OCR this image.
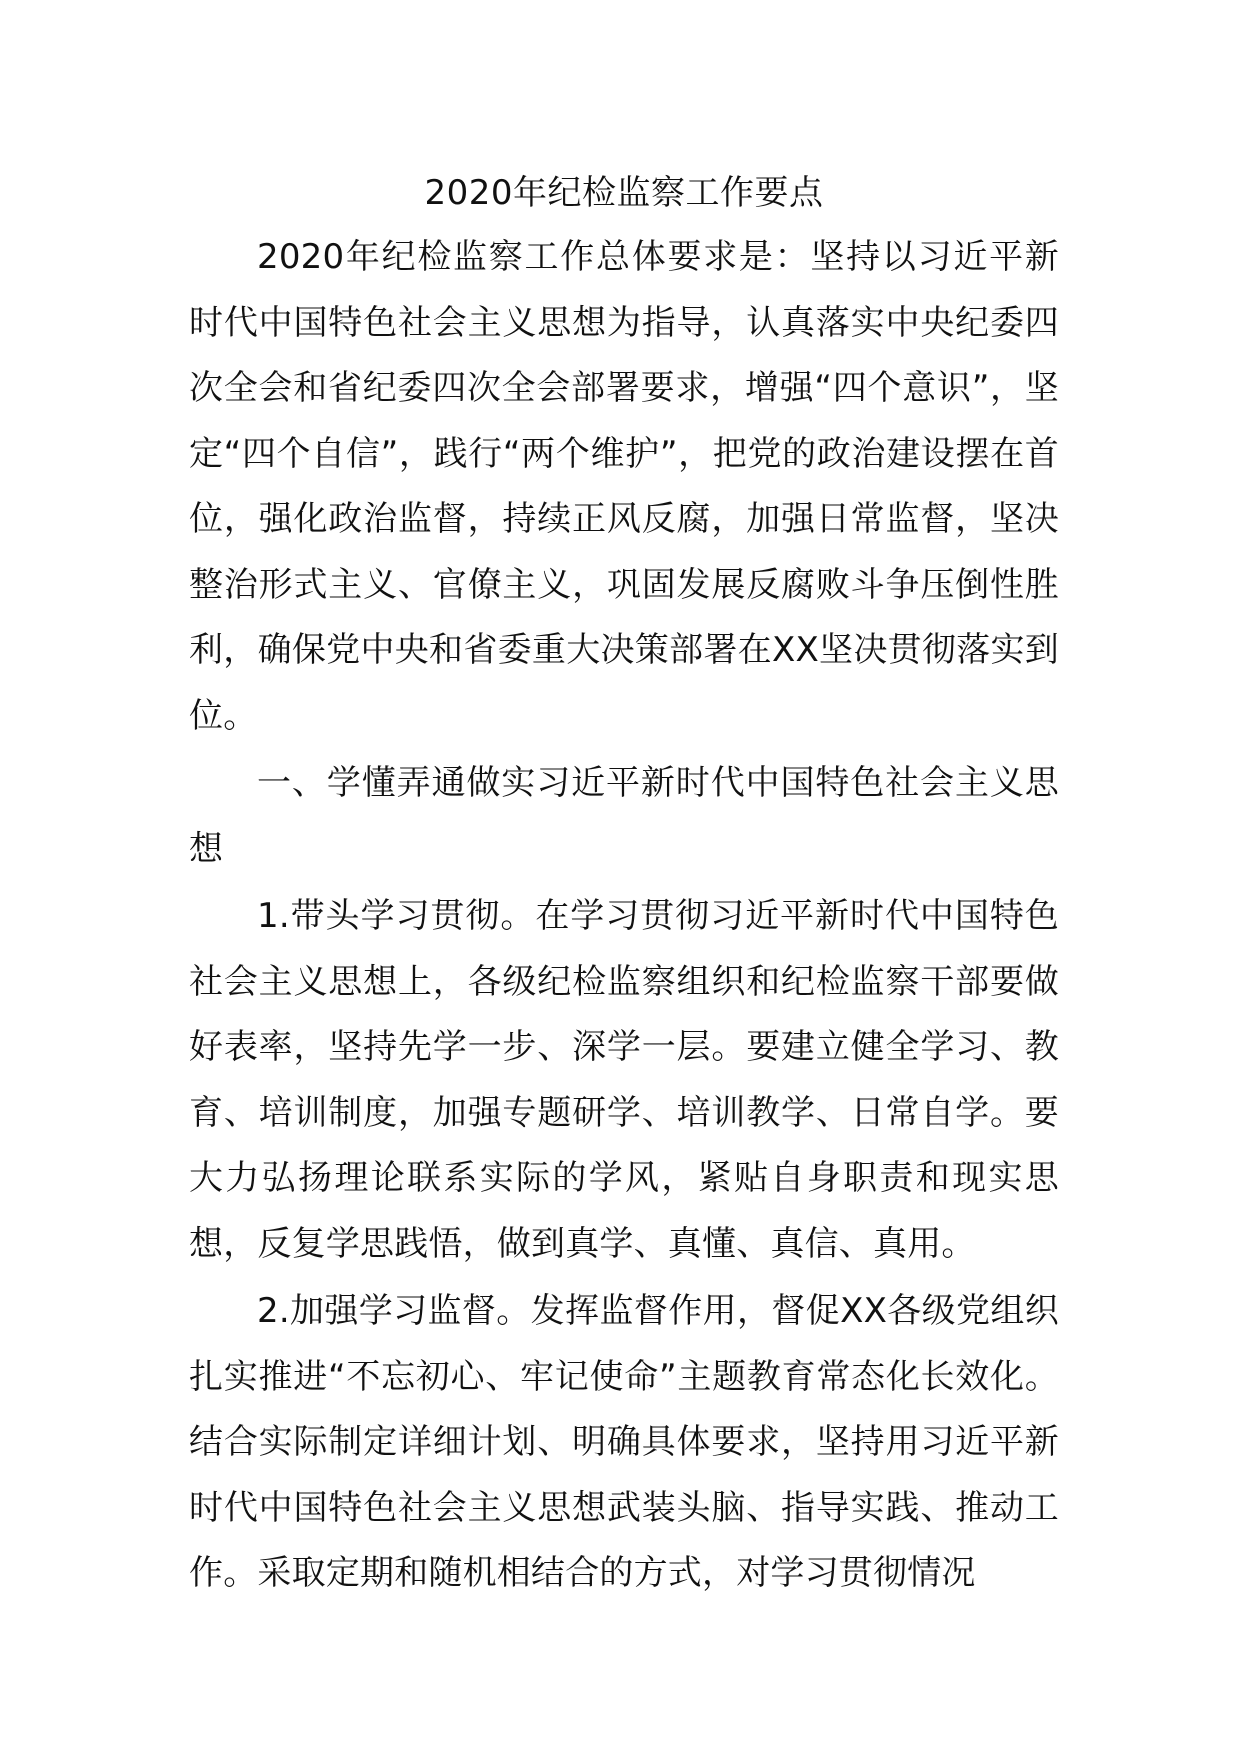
2020年纪检监察工作要点

2020年纪检监察工作总体要求是：坚持以习近平新时代中国特色社会主义思想为指导，认真落实中央纪委四次全会和省纪委四次全会部署要求，增强“四个意识”，坚定“四个自信”，践行“两个维护”，把党的政治建设摆在首位，强化政治监督，持续正风反腐，加强日常监督，坚决整治形式主义、官僚主义，巩固发展反腐败斗争压倒性胜利，确保党中央和省委重大决策部署在XX坚决贯彻落实到位。

一、学懂弄通做实习近平新时代中国特色社会主义思想

1.带头学习贯彻。在学习贯彻习近平新时代中国特色社会主义思想上，各级纪检监察组织和纪检监察干部要做好表率，坚持先学一步、深学一层。要建立健全学习、教育、培训制度，加强专题研学、培训教学、日常自学。要大力弘扬理论联系实际的学风，紧贴自身职责和现实思想，反复学思践悟，做到真学、真懂、真信、真用。

2.加强学习监督。发挥监督作用，督促XX各级党组织扎实推进“不忘初心、牢记使命”主题教育常态化长效化。结合实际制定详细计划、明确具体要求，坚持用习近平新时代中国特色社会主义思想武装头脑、指导实践、推动工作。采取定期和随机相结合的方式，对学习贯彻情况
